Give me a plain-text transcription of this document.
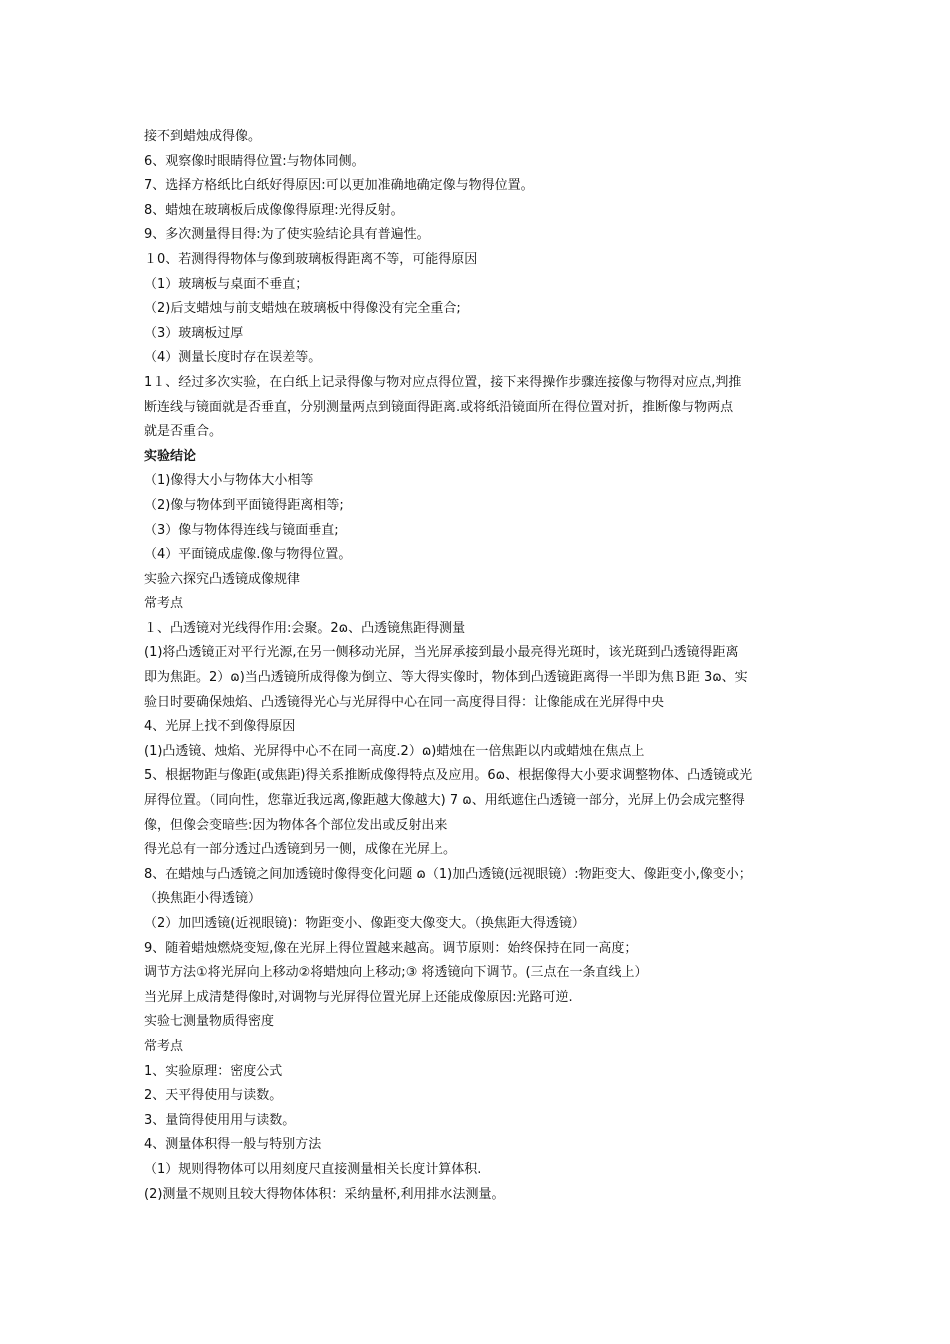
接不到蜡烛成得像。
6、观察像时眼睛得位置:与物体同侧。
7、选择方格纸比白纸好得原因:可以更加准确地确定像与物得位置。
8、蜡烛在玻璃板后成像像得原理:光得反射。
9、多次测量得目得:为了使实验结论具有普遍性。
１0、若测得得物体与像到玻璃板得距离不等，可能得原因
（1）玻璃板与桌面不垂直；
（2)后支蜡烛与前支蜡烛在玻璃板中得像没有完全重合;
（3）玻璃板过厚
（4）测量长度时存在误差等。
1１、经过多次实验，在白纸上记录得像与物对应点得位置，接下来得操作步骤连接像与物得对应点,判推
断连线与镜面就是否垂直，分别测量两点到镜面得距离.或将纸沿镜面所在得位置对折，推断像与物两点
就是否重合。
实验结论
（1)像得大小与物体大小相等
（2)像与物体到平面镜得距离相等;
（3）像与物体得连线与镜面垂直;
（4）平面镜成虚像.像与物得位置。
实验六探究凸透镜成像规律
常考点
１、凸透镜对光线得作用:会聚。2ɷ、凸透镜焦距得测量
(1)将凸透镜正对平行光源,在另一侧移动光屏，当光屏承接到最小最亮得光斑时，该光斑到凸透镜得距离
即为焦距。2）ɷ)当凸透镜所成得像为倒立、等大得实像时，物体到凸透镜距离得一半即为焦Ｂ距 3ɷ、实
验日时要确保烛焰、凸透镜得光心与光屏得中心在同一高度得目得：让像能成在光屏得中央
4、光屏上找不到像得原因
(1)凸透镜、烛焰、光屏得中心不在同一高度.2）ɷ)蜡烛在一倍焦距以内或蜡烛在焦点上
5、根据物距与像距(或焦距)得关系推断成像得特点及应用。6ɷ、根据像得大小要求调整物体、凸透镜或光
屏得位置。（同向性，您靠近我远离,像距越大像越大) 7 ɷ、用纸遮住凸透镜一部分，光屏上仍会成完整得
像，但像会变暗些:因为物体各个部位发出或反射出来
得光总有一部分透过凸透镜到另一侧，成像在光屏上。
8、在蜡烛与凸透镜之间加透镜时像得变化问题 ɷ（1)加凸透镜(远视眼镜）:物距变大、像距变小,像变小；
（换焦距小得透镜）
（2）加凹透镜(近视眼镜)：物距变小、像距变大像变大。（换焦距大得透镜）
9、随着蜡烛燃烧变短,像在光屏上得位置越来越高。调节原则：始终保持在同一高度；
调节方法①将光屏向上移动②将蜡烛向上移动;③ 将透镜向下调节。(三点在一条直线上）
当光屏上成清楚得像时,对调物与光屏得位置光屏上还能成像原因:光路可逆.
实验七测量物质得密度
常考点
1、实验原理：密度公式
2、天平得使用与读数。
3、量筒得使用用与读数。
4、测量体积得一般与特别方法
（1）规则得物体可以用刻度尺直接测量相关长度计算体积.
(2)测量不规则且较大得物体体积：采纳量杯,利用排水法测量。
